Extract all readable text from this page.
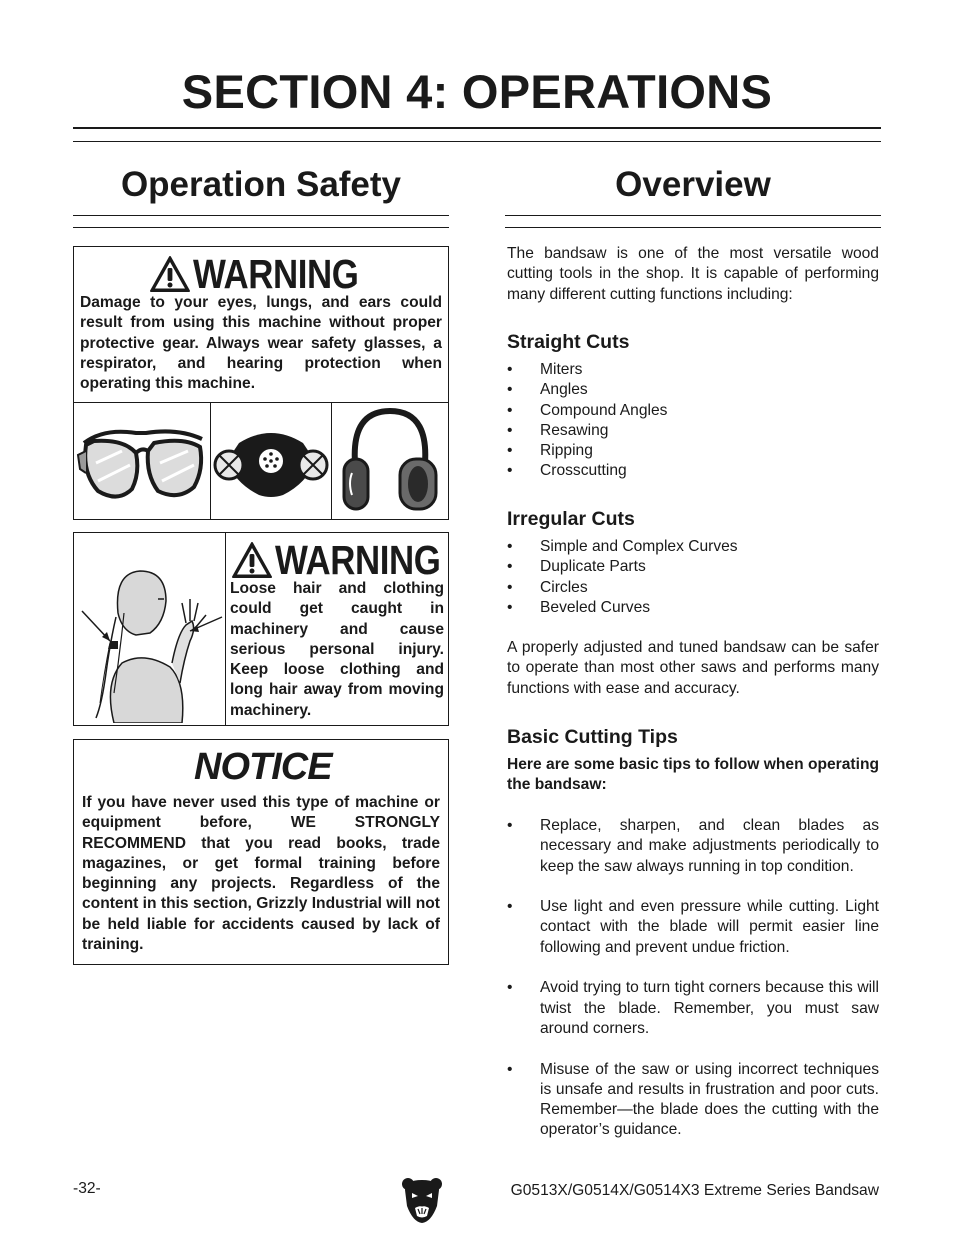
SECTION 4: OPERATIONS
Operation Safety	Overview
WARNING
Damage to your eyes, lungs, and ears could result from using this machine without proper protective gear. Always wear safety glasses, a respirator, and hearing protection when operating this machine.
WARNING
Loose hair and clothing could get caught in machinery and cause serious personal injury. Keep loose clothing and long hair away from moving machinery.
NOTICE
If you have never used this type of machine or equipment before, WE STRONGLY RECOMMEND that you read books, trade magazines, or get formal training before beginning any projects. Regardless of the content in this section, Grizzly Industrial will not be held liable for accidents caused by lack of training.
The bandsaw is one of the most versatile wood cutting tools in the shop. It is capable of performing many different cutting functions including:
Straight Cuts
• Miters
• Angles
• Compound Angles
• Resawing
• Ripping
• Crosscutting
Irregular Cuts
• Simple and Complex Curves
• Duplicate Parts
• Circles
• Beveled Curves
A properly adjusted and tuned bandsaw can be safer to operate than most other saws and performs many functions with ease and accuracy.
Basic Cutting Tips
Here are some basic tips to follow when operating the bandsaw:
• Replace, sharpen, and clean blades as necessary and make adjustments periodically to keep the saw always running in top condition.
• Use light and even pressure while cutting. Light contact with the blade will permit easier line following and prevent undue friction.
• Avoid trying to turn tight corners because this will twist the blade. Remember, you must saw around corners.
• Misuse of the saw or using incorrect techniques is unsafe and results in frustration and poor cuts. Remember—the blade does the cutting with the operator’s guidance.
-32-	G0513X/G0514X/G0514X3 Extreme Series Bandsaw
